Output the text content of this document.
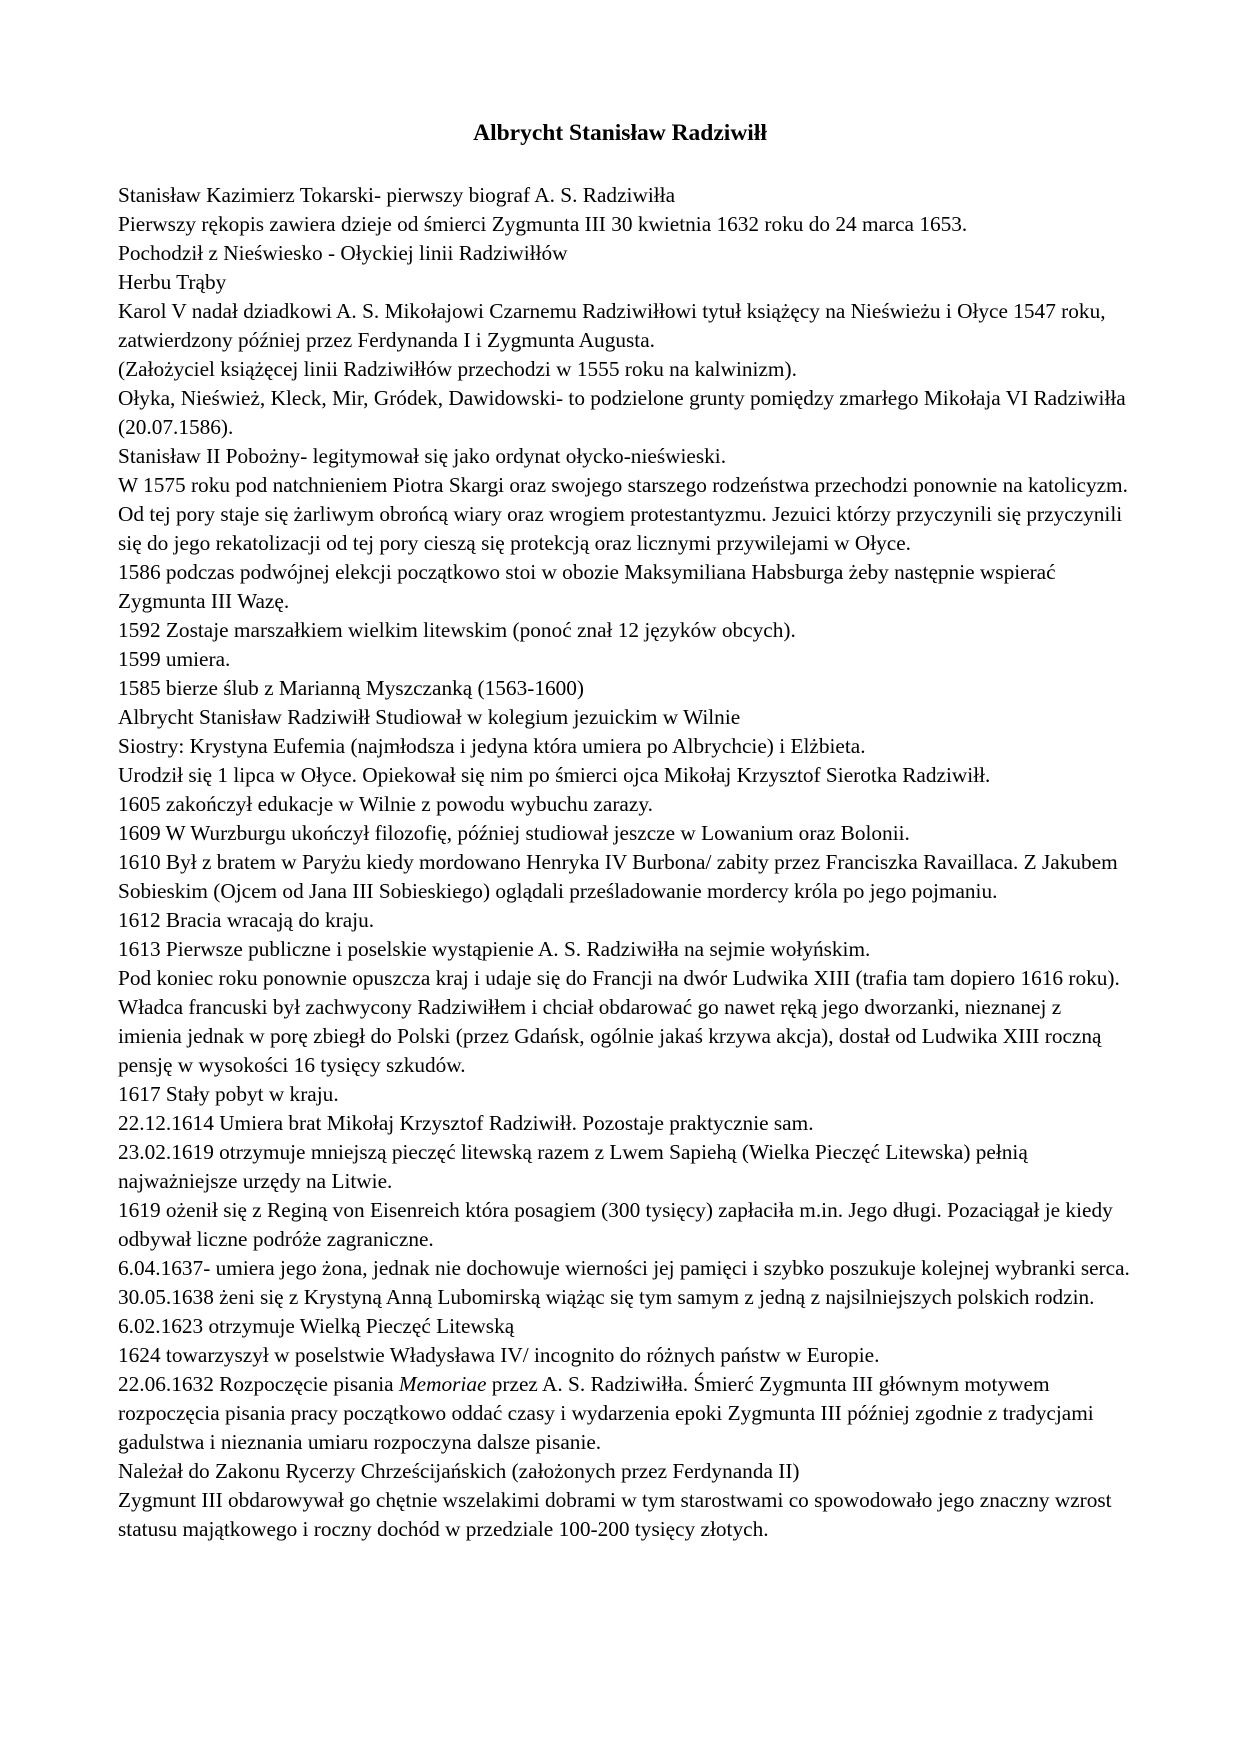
Albrycht Stanisław Radziwiłł

Stanisław Kazimierz Tokarski- pierwszy biograf A. S. Radziwiłła

Pierwszy rękopis zawiera dzieje od śmierci Zygmunta III 30 kwietnia 1632 roku do 24 marca 1653.

Pochodził z Nieświesko - Ołyckiej linii Radziwiłłów

Herbu Trąby

Karol V nadał dziadkowi A. S. Mikołajowi Czarnemu Radziwiłłowi tytuł książęcy na Nieświeżu i Ołyce 1547 roku, zatwierdzony później przez Ferdynanda I i Zygmunta Augusta.

(Założyciel książęcej linii Radziwiłłów przechodzi w 1555 roku na kalwinizm).

Ołyka, Nieśwież, Kleck, Mir, Gródek, Dawidowski- to podzielone grunty pomiędzy zmarłego Mikołaja VI Radziwiłła (20.07.1586).

Stanisław II Pobożny- legitymował się jako ordynat ołycko-nieświeski.

W 1575 roku pod natchnieniem Piotra Skargi oraz swojego starszego rodzeństwa przechodzi ponownie na katolicyzm. Od tej pory staje się żarliwym obrońcą wiary oraz wrogiem protestantyzmu. Jezuici którzy przyczynili się przyczynili się do jego rekatolizacji od tej pory cieszą się protekcją oraz licznymi przywilejami w Ołyce.

1586 podczas podwójnej elekcji początkowo stoi w obozie Maksymiliana Habsburga żeby następnie wspierać Zygmunta III Wazę.

1592 Zostaje marszałkiem wielkim litewskim (ponoć znał 12 języków obcych).

1599 umiera.

1585 bierze ślub z Marianną Myszczanką (1563-1600)

Albrycht Stanisław Radziwiłł Studiował w kolegium jezuickim w Wilnie

Siostry: Krystyna Eufemia (najmłodsza i jedyna która umiera po Albrychcie) i Elżbieta.

Urodził się 1 lipca w Ołyce. Opiekował się nim po śmierci ojca Mikołaj Krzysztof Sierotka Radziwiłł.

1605 zakończył edukacje w Wilnie z powodu wybuchu zarazy.

1609 W Wurzburgu ukończył filozofię, później studiował jeszcze w Lowanium oraz Bolonii.

1610 Był z bratem w Paryżu kiedy mordowano Henryka IV Burbona/ zabity przez Franciszka Ravaillaca. Z Jakubem Sobieskim (Ojcem od Jana III Sobieskiego) oglądali prześladowanie mordercy króla po jego pojmaniu.

1612 Bracia wracają do kraju.

1613 Pierwsze publiczne i poselskie wystąpienie A. S. Radziwiłła na sejmie wołyńskim.

Pod koniec roku ponownie opuszcza kraj i udaje się do Francji na dwór Ludwika XIII (trafia tam dopiero 1616 roku). Władca francuski był zachwycony Radziwiłłem i chciał obdarować go nawet ręką jego dworzanki, nieznanej z imienia jednak w porę zbiegł do Polski (przez Gdańsk, ogólnie jakaś krzywa akcja), dostał od Ludwika XIII roczną pensję w wysokości 16 tysięcy szkudów.

1617 Stały pobyt w kraju.

22.12.1614 Umiera brat Mikołaj Krzysztof Radziwiłł. Pozostaje praktycznie sam.

23.02.1619 otrzymuje mniejszą pieczęć litewską razem z Lwem Sapiehą (Wielka Pieczęć Litewska) pełnią najważniejsze urzędy na Litwie.

1619 ożenił się z Reginą von Eisenreich która posagiem (300 tysięcy) zapłaciła m.in. Jego długi. Pozaciągał je kiedy odbywał liczne podróże zagraniczne.

6.04.1637- umiera jego żona, jednak nie dochowuje wierności jej pamięci i szybko poszukuje kolejnej wybranki serca.

30.05.1638 żeni się z Krystyną Anną Lubomirską wiążąc się tym samym z jedną z najsilniejszych polskich rodzin.

6.02.1623 otrzymuje Wielką Pieczęć Litewską

1624 towarzyszył w poselstwie Władysława IV/ incognito do różnych państw w Europie.

22.06.1632 Rozpoczęcie pisania Memoriae przez A. S. Radziwiłła. Śmierć Zygmunta III głównym motywem rozpoczęcia pisania pracy początkowo oddać czasy i wydarzenia epoki Zygmunta III później zgodnie z tradycjami gadulstwa i nieznania umiaru rozpoczyna dalsze pisanie.

Należał do Zakonu Rycerzy Chrześcijańskich (założonych przez Ferdynanda II)

Zygmunt III obdarowywał go chętnie wszelakimi dobrami w tym starostwami co spowodowało jego znaczny wzrost statusu majątkowego i roczny dochód w przedziale 100-200 tysięcy złotych.
